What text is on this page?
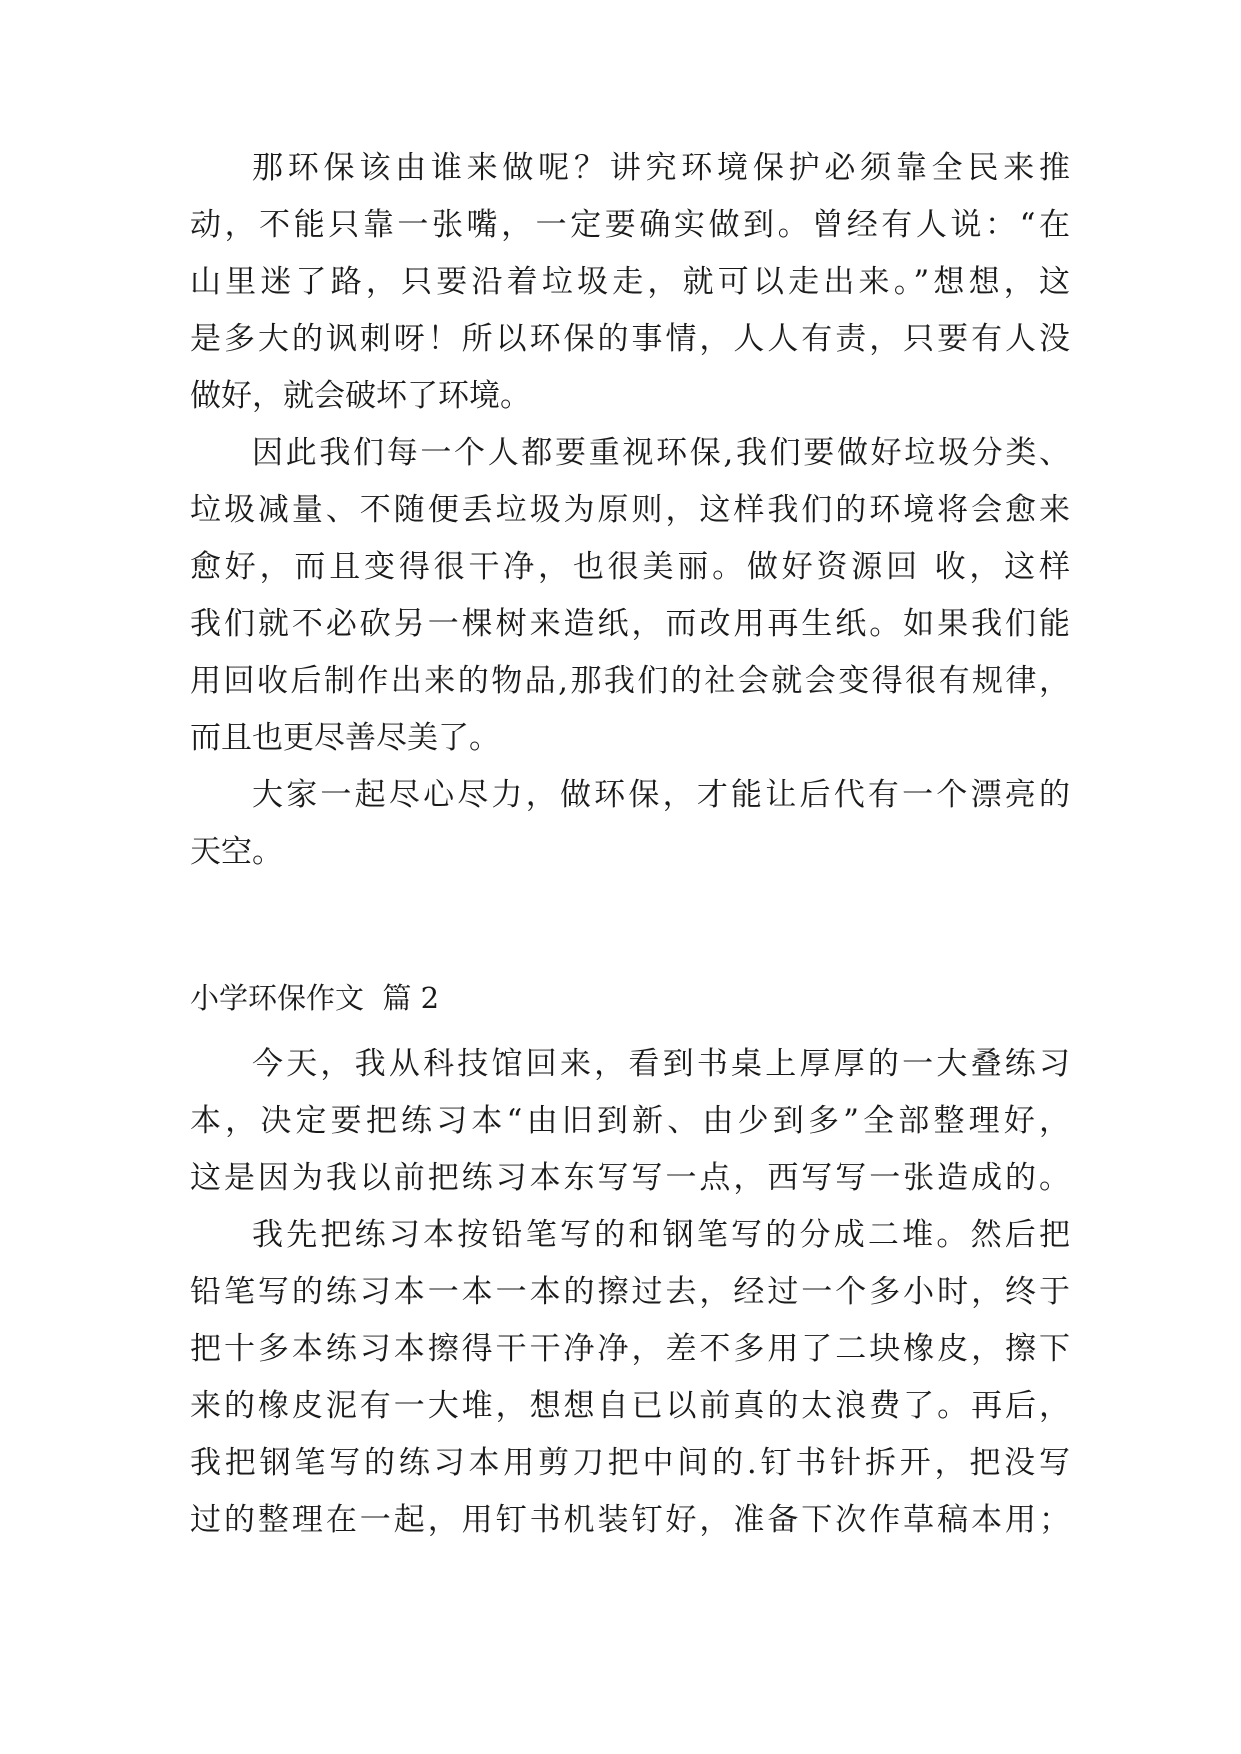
那环保该由谁来做呢？讲究环境保护必须靠全民来推
动，不能只靠一张嘴，一定要确实做到。曾经有人说：“在
山里迷了路，只要沿着垃圾走，就可以走出来。”想想，这
是多大的讽刺呀！所以环保的事情，人人有责，只要有人没
做好，就会破坏了环境。
因此我们每一个人都要重视环保,我们要做好垃圾分类、
垃圾减量、不随便丢垃圾为原则，这样我们的环境将会愈来
愈好，而且变得很干净，也很美丽。做好资源回 收，这样
我们就不必砍另一棵树来造纸，而改用再生纸。如果我们能
用回收后制作出来的物品,那我们的社会就会变得很有规律，
而且也更尽善尽美了。
大家一起尽心尽力，做环保，才能让后代有一个漂亮的
天空。
小学环保作文  篇 2
今天，我从科技馆回来，看到书桌上厚厚的一大叠练习
本，决定要把练习本“由旧到新、由少到多”全部整理好，
这是因为我以前把练习本东写写一点，西写写一张造成的。
我先把练习本按铅笔写的和钢笔写的分成二堆。然后把
铅笔写的练习本一本一本的擦过去，经过一个多小时，终于
把十多本练习本擦得干干净净，差不多用了二块橡皮，擦下
来的橡皮泥有一大堆，想想自已以前真的太浪费了。再后，
我把钢笔写的练习本用剪刀把中间的.钉书针拆开，把没写
过的整理在一起，用钉书机装钉好，准备下次作草稿本用；
